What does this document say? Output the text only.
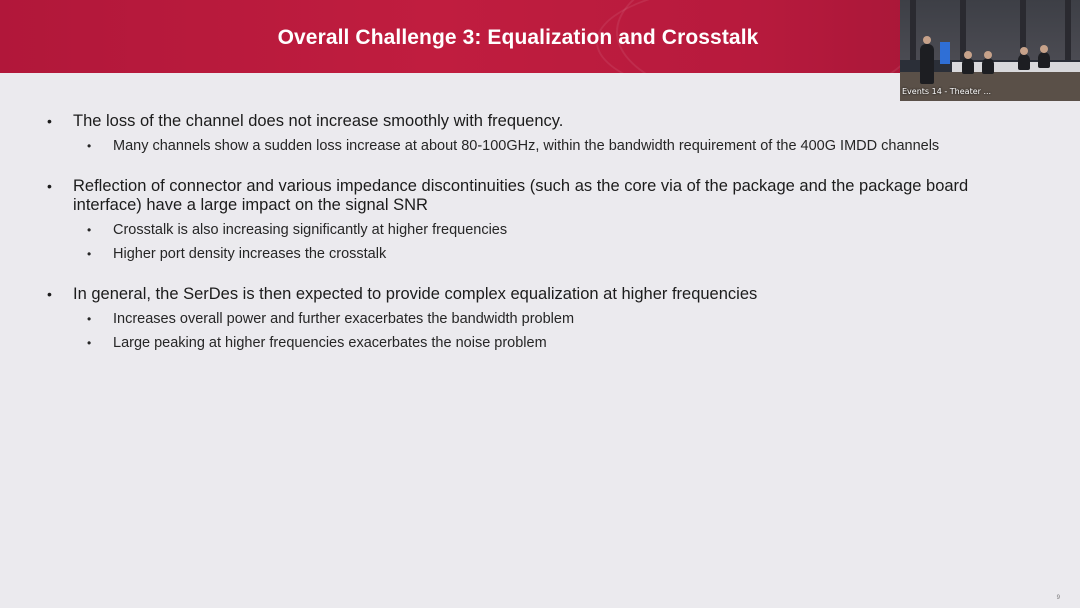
Overall Challenge 3: Equalization and Crosstalk
Events 14 - Theater ...
• The loss of the channel does not increase smoothly with frequency.
• Many channels show a sudden loss increase at about 80-100GHz, within the bandwidth requirement of the 400G IMDD channels
• Reflection of connector and various impedance discontinuities (such as the core via of the package and the package board interface) have a large impact on the signal SNR
• Crosstalk is also increasing significantly at higher frequencies
• Higher port density increases the crosstalk
• In general, the SerDes is then expected to provide complex equalization at higher frequencies
• Increases overall power and further exacerbates the bandwidth problem
• Large peaking at higher frequencies exacerbates the noise problem
9
